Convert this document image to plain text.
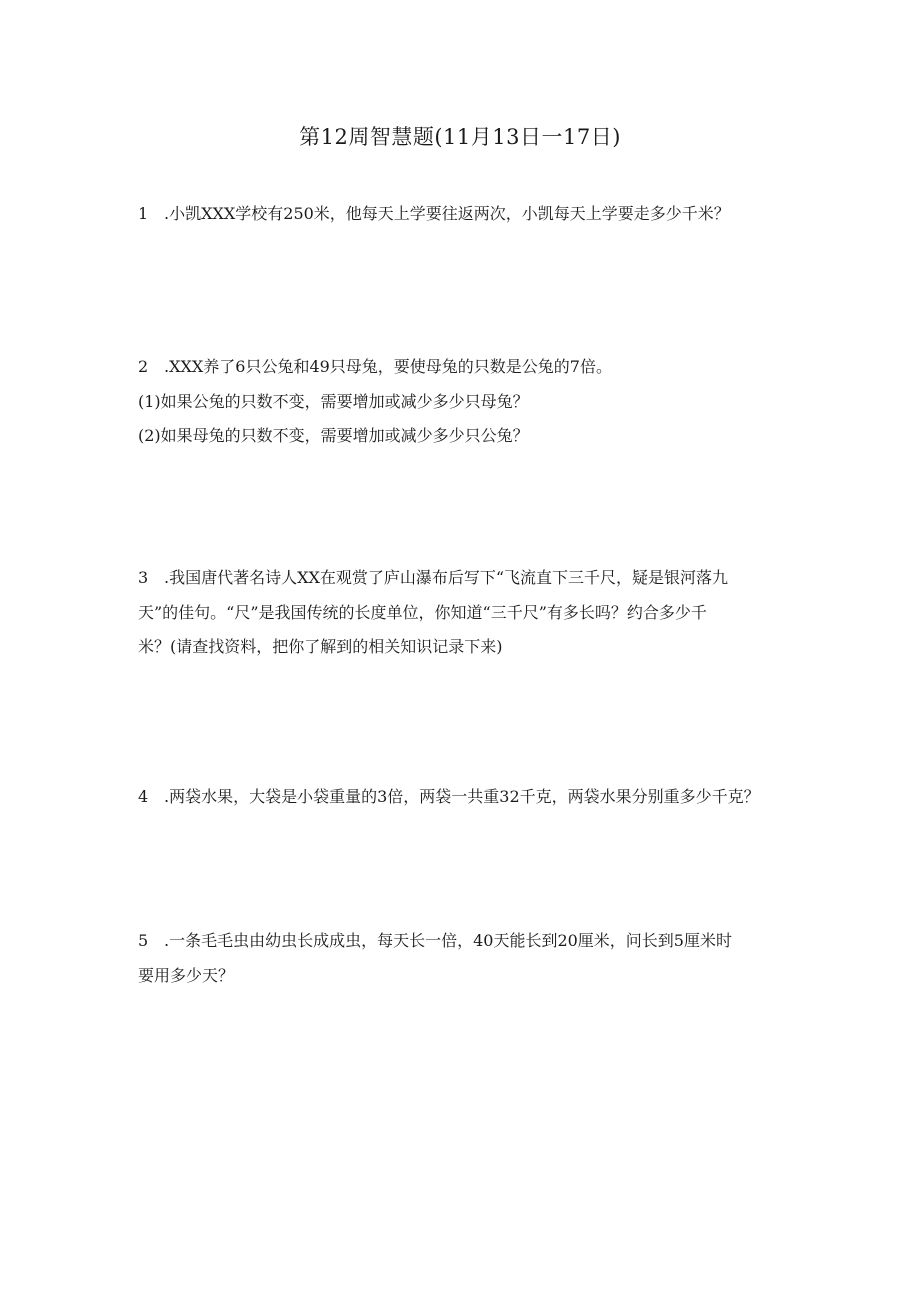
第12周智慧题(11月13日一17日)
1 .小凯XXX学校有250米，他每天上学要往返两次，小凯每天上学要走多少千米？
2 .XXX养了6只公兔和49只母兔，要使母兔的只数是公兔的7倍。
(1)如果公兔的只数不变，需要增加或减少多少只母兔？
(2)如果母兔的只数不变，需要增加或减少多少只公兔？
3 .我国唐代著名诗人XX在观赏了庐山瀑布后写下“飞流直下三千尺，疑是银河落九
天”的佳句。“尺”是我国传统的长度单位，你知道“三千尺”有多长吗？约合多少千
米？(请查找资料，把你了解到的相关知识记录下来)
4 .两袋水果，大袋是小袋重量的3倍，两袋一共重32千克，两袋水果分别重多少千克？
5 .一条毛毛虫由幼虫长成成虫，每天长一倍，40天能长到20厘米，问长到5厘米时
要用多少天？
